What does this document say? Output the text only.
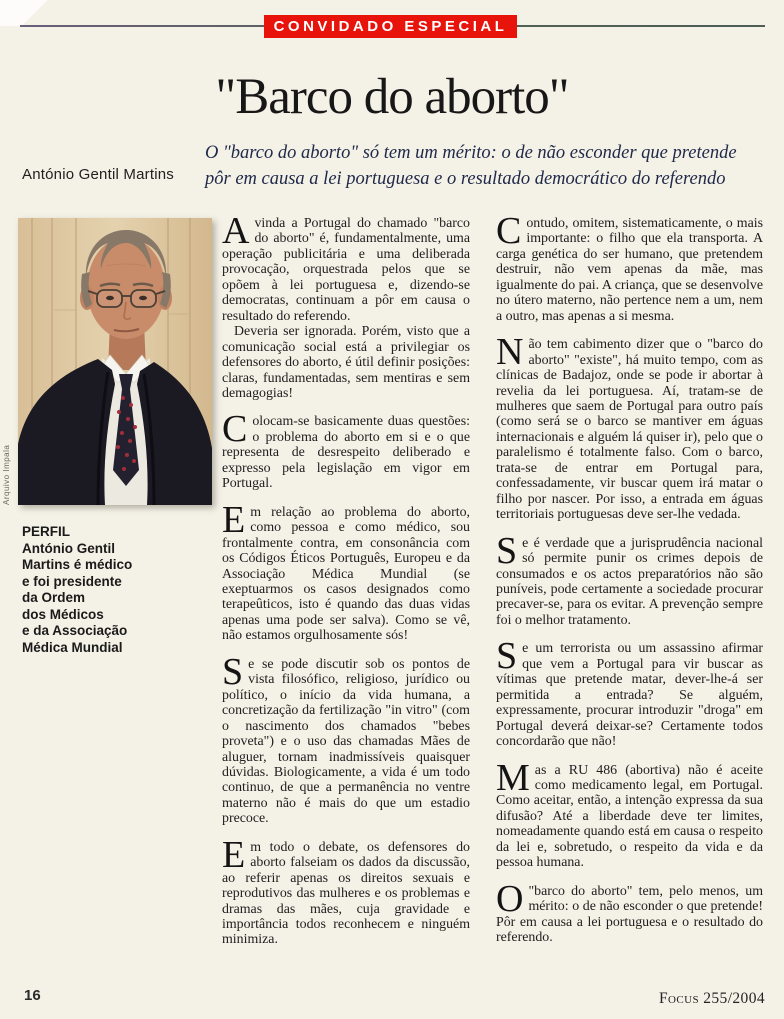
CONVIDADO ESPECIAL
"Barco do aborto"
O "barco do aborto" só tem um mérito: o de não esconder que pretende
pôr em causa a lei portuguesa e o resultado democrático do referendo
António Gentil Martins
Arquivo Impala
PERFIL
António Gentil
Martins é médico
e foi presidente
da Ordem
dos Médicos
e da Associação
Médica Mundial

Avinda a Portugal do chamado "barco do aborto" é, fundamentalmente, uma operação publicitária e uma deliberada provocação, orquestrada pelos que se opõem à lei portuguesa e, dizendo-se democratas, continuam a pôr em causa o resultado do referendo.

Deveria ser ignorada. Porém, visto que a comunicação social está a privilegiar os defensores do aborto, é útil definir posições: claras, fundamentadas, sem mentiras e sem demagogias!

Colocam-se basicamente duas questões: o problema do aborto em si e o que representa de desrespeito deliberado e expresso pela legislação em vigor em Portugal.

Em relação ao problema do aborto, como pessoa e como médico, sou frontalmente contra, em consonância com os Códigos Éticos Português, Europeu e da Associação Médica Mundial (se exeptuarmos os casos designados como terapeûticos, isto é quando das duas vidas apenas uma pode ser salva). Como se vê, não estamos orgulhosamente sós!

Se se pode discutir sob os pontos de vista filosófico, religioso, jurídico ou político, o início da vida humana, a concretização da fertilização "in vitro" (com o nascimento dos chamados "bebes proveta") e o uso das chamadas Mães de aluguer, tornam inadmissíveis quaisquer dúvidas. Biologicamente, a vida é um todo continuo, de que a permanência no ventre materno não é mais do que um estadio precoce.

Em todo o debate, os defensores do aborto falseiam os dados da discussão, ao referir apenas os direitos sexuais e reprodutivos das mulheres e os problemas e dramas das mães, cuja gravidade e importância todos reconhecem e ninguém minimiza.

Contudo, omitem, sistematicamente, o mais importante: o filho que ela transporta. A carga genética do ser humano, que pretendem destruir, não vem apenas da mãe, mas igualmente do pai. A criança, que se desenvolve no útero materno, não pertence nem a um, nem a outro, mas apenas a si mesma.

Não tem cabimento dizer que o "barco do aborto" "existe", há muito tempo, com as clínicas de Badajoz, onde se pode ir abortar à revelia da lei portuguesa. Aí, tratam-se de mulheres que saem de Portugal para outro país (como será se o barco se mantiver em águas internacionais e alguém lá quiser ir), pelo que o paralelismo é totalmente falso. Com o barco, trata-se de entrar em Portugal para, confessadamente, vir buscar quem irá matar o filho por nascer. Por isso, a entrada em águas territoriais portuguesas deve ser-lhe vedada.

Se é verdade que a jurisprudência nacional só permite punir os crimes depois de consumados e os actos preparatórios não são puníveis, pode certamente a sociedade procurar precaver-se, para os evitar. A prevenção sempre foi o melhor tratamento.

Se um terrorista ou um assassino afirmar que vem a Portugal para vir buscar as vítimas que pretende matar, dever-lhe-á ser permitida a entrada? Se alguém, expressamente, procurar introduzir "droga" em Portugal deverá deixar-se? Certamente todos concordarão que não!

Mas a RU 486 (abortiva) não é aceite como medicamento legal, em Portugal. Como aceitar, então, a intenção expressa da sua difusão? Até a liberdade deve ter limites, nomeadamente quando está em causa o respeito da lei e, sobretudo, o respeito da vida e da pessoa humana.

O "barco do aborto" tem, pelo menos, um mérito: o de não esconder o que pretende! Pôr em causa a lei portuguesa e o resultado do referendo.

16	Focus 255/2004
